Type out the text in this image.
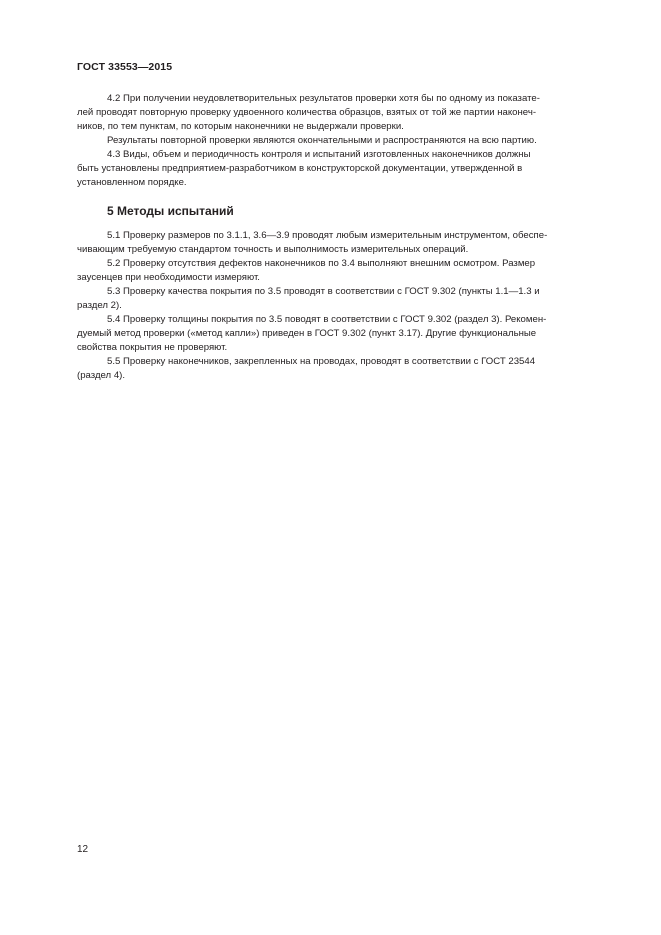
ГОСТ 33553—2015

4.2 При получении неудовлетворительных результатов проверки хотя бы по одному из показате-
лей проводят повторную проверку удвоенного количества образцов, взятых от той же партии наконеч-
ников, по тем пунктам, по которым наконечники не выдержали проверки.

Результаты повторной проверки являются окончательными и распространяются на всю партию.

4.3 Виды, объем и периодичность контроля и испытаний изготовленных наконечников должны
быть установлены предприятием-разработчиком в конструкторской документации, утвержденной в
установленном порядке.

5 Методы испытаний

5.1 Проверку размеров по 3.1.1, 3.6—3.9 проводят любым измерительным инструментом, обеспе-
чивающим требуемую стандартом точность и выполнимость измерительных операций.

5.2 Проверку отсутствия дефектов наконечников по 3.4 выполняют внешним осмотром. Размер
заусенцев при необходимости измеряют.

5.3 Проверку качества покрытия по 3.5 проводят в соответствии с ГОСТ 9.302 (пункты 1.1—1.3 и
раздел 2).

5.4 Проверку толщины покрытия по 3.5 поводят в соответствии с ГОСТ 9.302 (раздел 3). Рекомен-
дуемый метод проверки («метод капли») приведен в ГОСТ 9.302 (пункт 3.17). Другие функциональные
свойства покрытия не проверяют.

5.5 Проверку наконечников, закрепленных на проводах, проводят в соответствии с ГОСТ 23544
(раздел 4).

12
